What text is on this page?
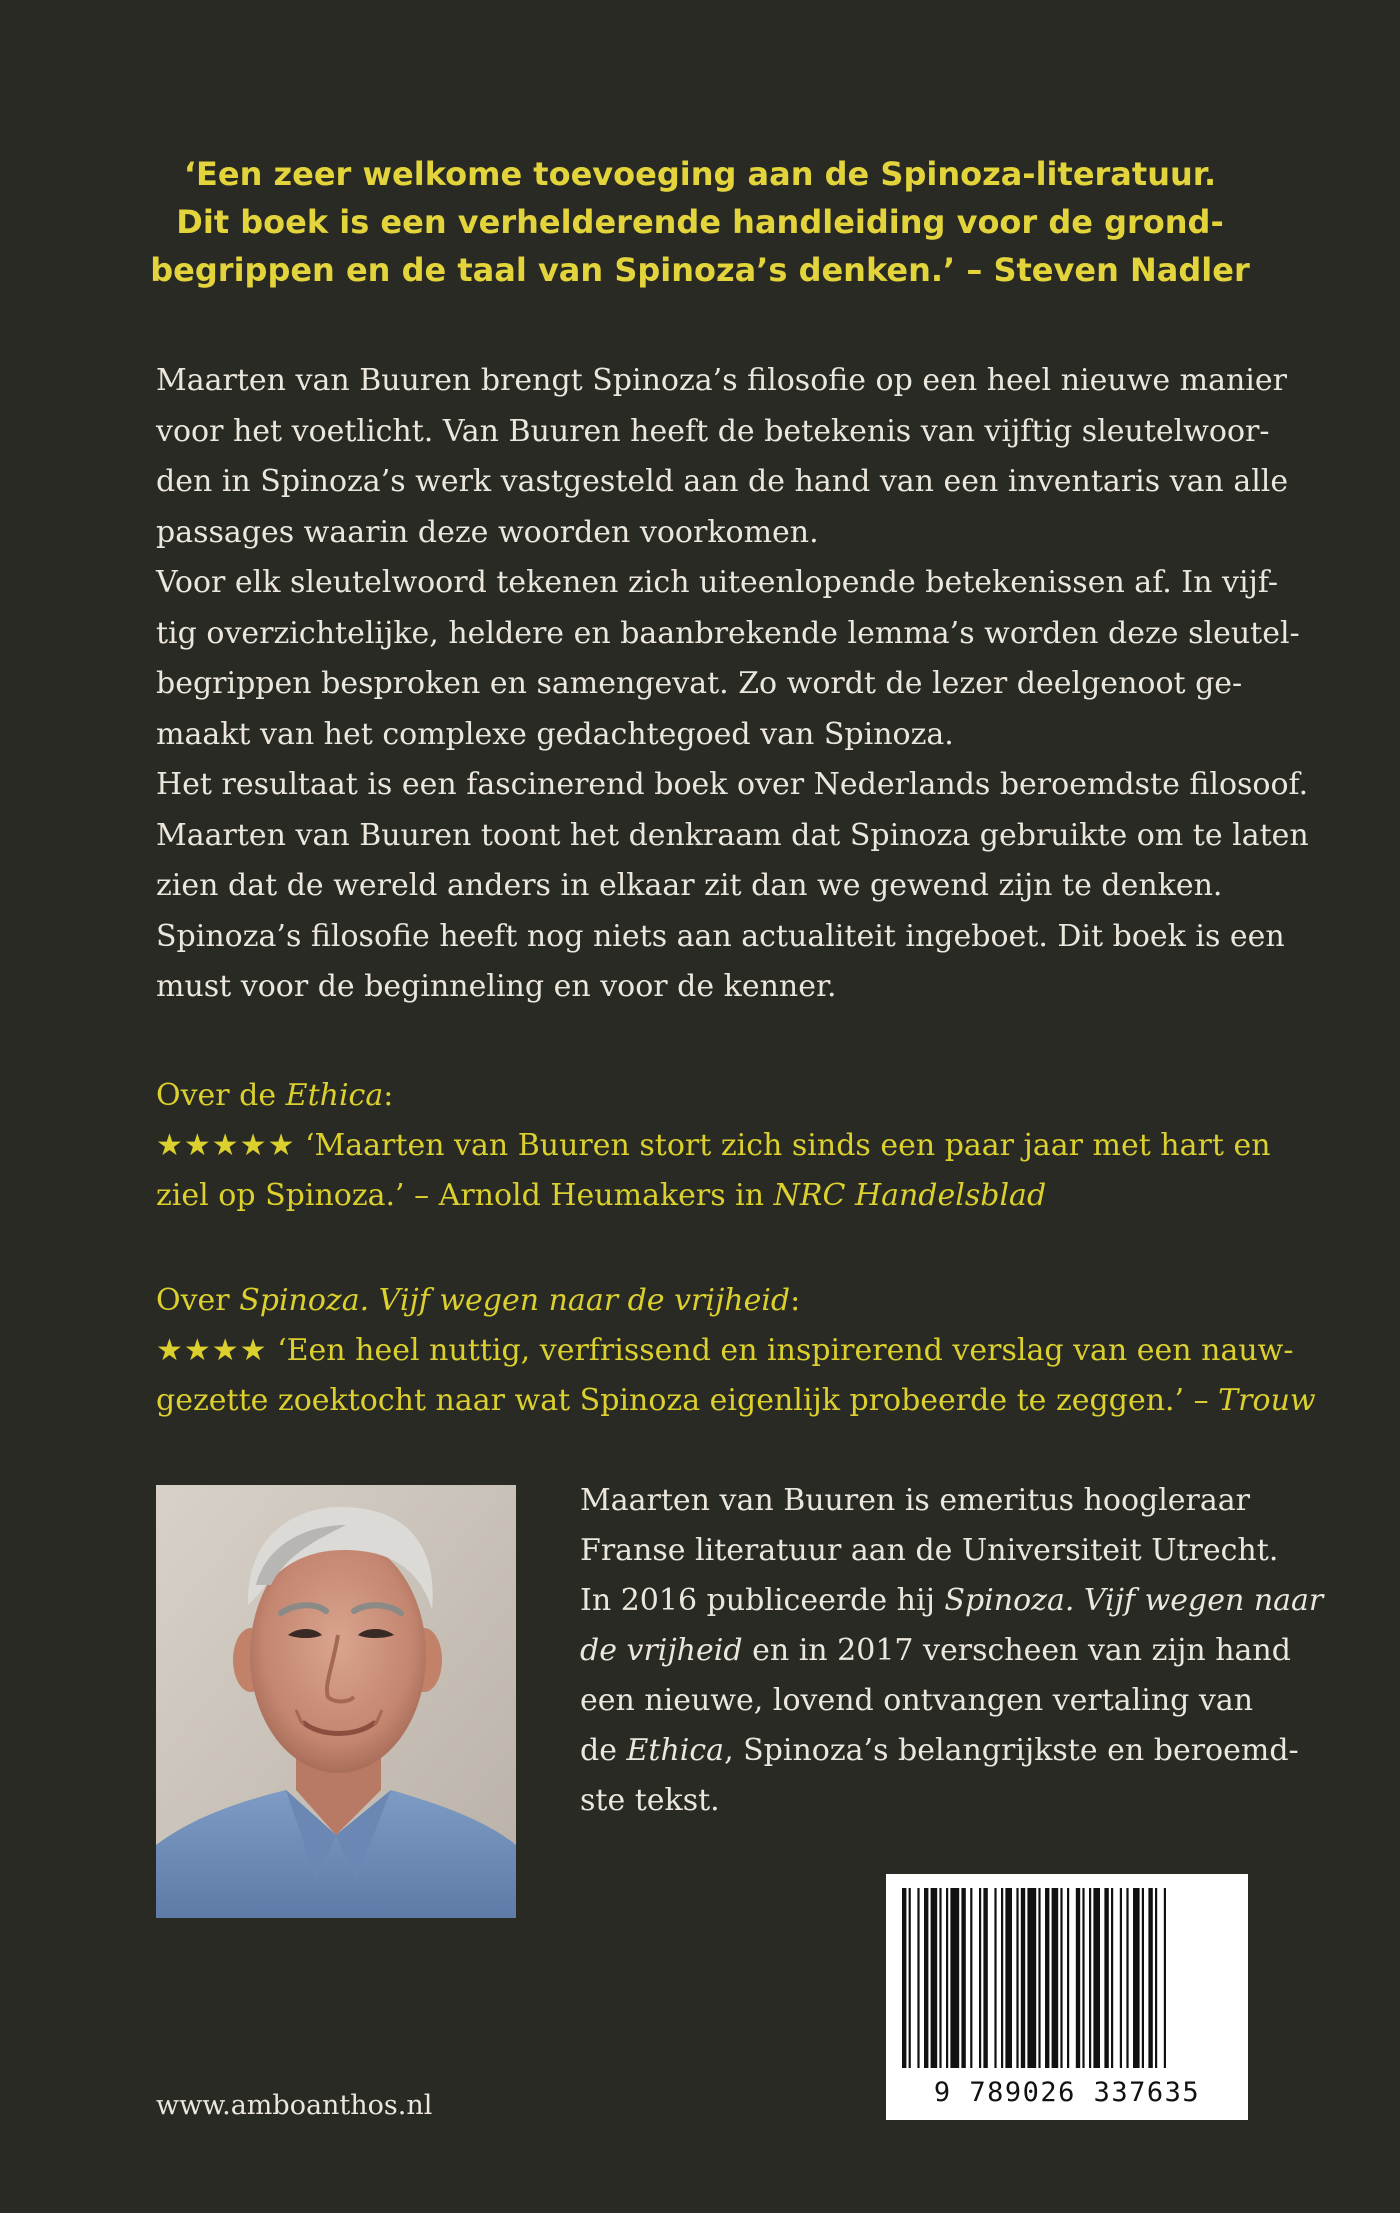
‘Een zeer welkome toevoeging aan de Spinoza-literatuur.
Dit boek is een verhelderende handleiding voor de grond-
begrippen en de taal van Spinoza’s denken.’ – Steven Nadler
Maarten van Buuren brengt Spinoza’s filosofie op een heel nieuwe manier
voor het voetlicht. Van Buuren heeft de betekenis van vijftig sleutelwoor-
den in Spinoza’s werk vastgesteld aan de hand van een inventaris van alle
passages waarin deze woorden voorkomen.
Voor elk sleutelwoord tekenen zich uiteenlopende betekenissen af. In vijf-
tig overzichtelijke, heldere en baanbrekende lemma’s worden deze sleutel-
begrippen besproken en samengevat. Zo wordt de lezer deelgenoot ge-
maakt van het complexe gedachtegoed van Spinoza.
Het resultaat is een fascinerend boek over Nederlands beroemdste filosoof.
Maarten van Buuren toont het denkraam dat Spinoza gebruikte om te laten
zien dat de wereld anders in elkaar zit dan we gewend zijn te denken.
Spinoza’s filosofie heeft nog niets aan actualiteit ingeboet. Dit boek is een
must voor de beginneling en voor de kenner.
Over de Ethica:
★★★★★ ‘Maarten van Buuren stort zich sinds een paar jaar met hart en
ziel op Spinoza.’ – Arnold Heumakers in NRC Handelsblad
Over Spinoza. Vijf wegen naar de vrijheid:
★★★★ ‘Een heel nuttig, verfrissend en inspirerend verslag van een nauw-
gezette zoektocht naar wat Spinoza eigenlijk probeerde te zeggen.’ – Trouw
Maarten van Buuren is emeritus hoogleraar
Franse literatuur aan de Universiteit Utrecht.
In 2016 publiceerde hij Spinoza. Vijf wegen naar
de vrijheid en in 2017 verscheen van zijn hand
een nieuwe, lovend ontvangen vertaling van
de Ethica, Spinoza’s belangrijkste en beroemd-
ste tekst.
9 789026 337635
www.amboanthos.nl
